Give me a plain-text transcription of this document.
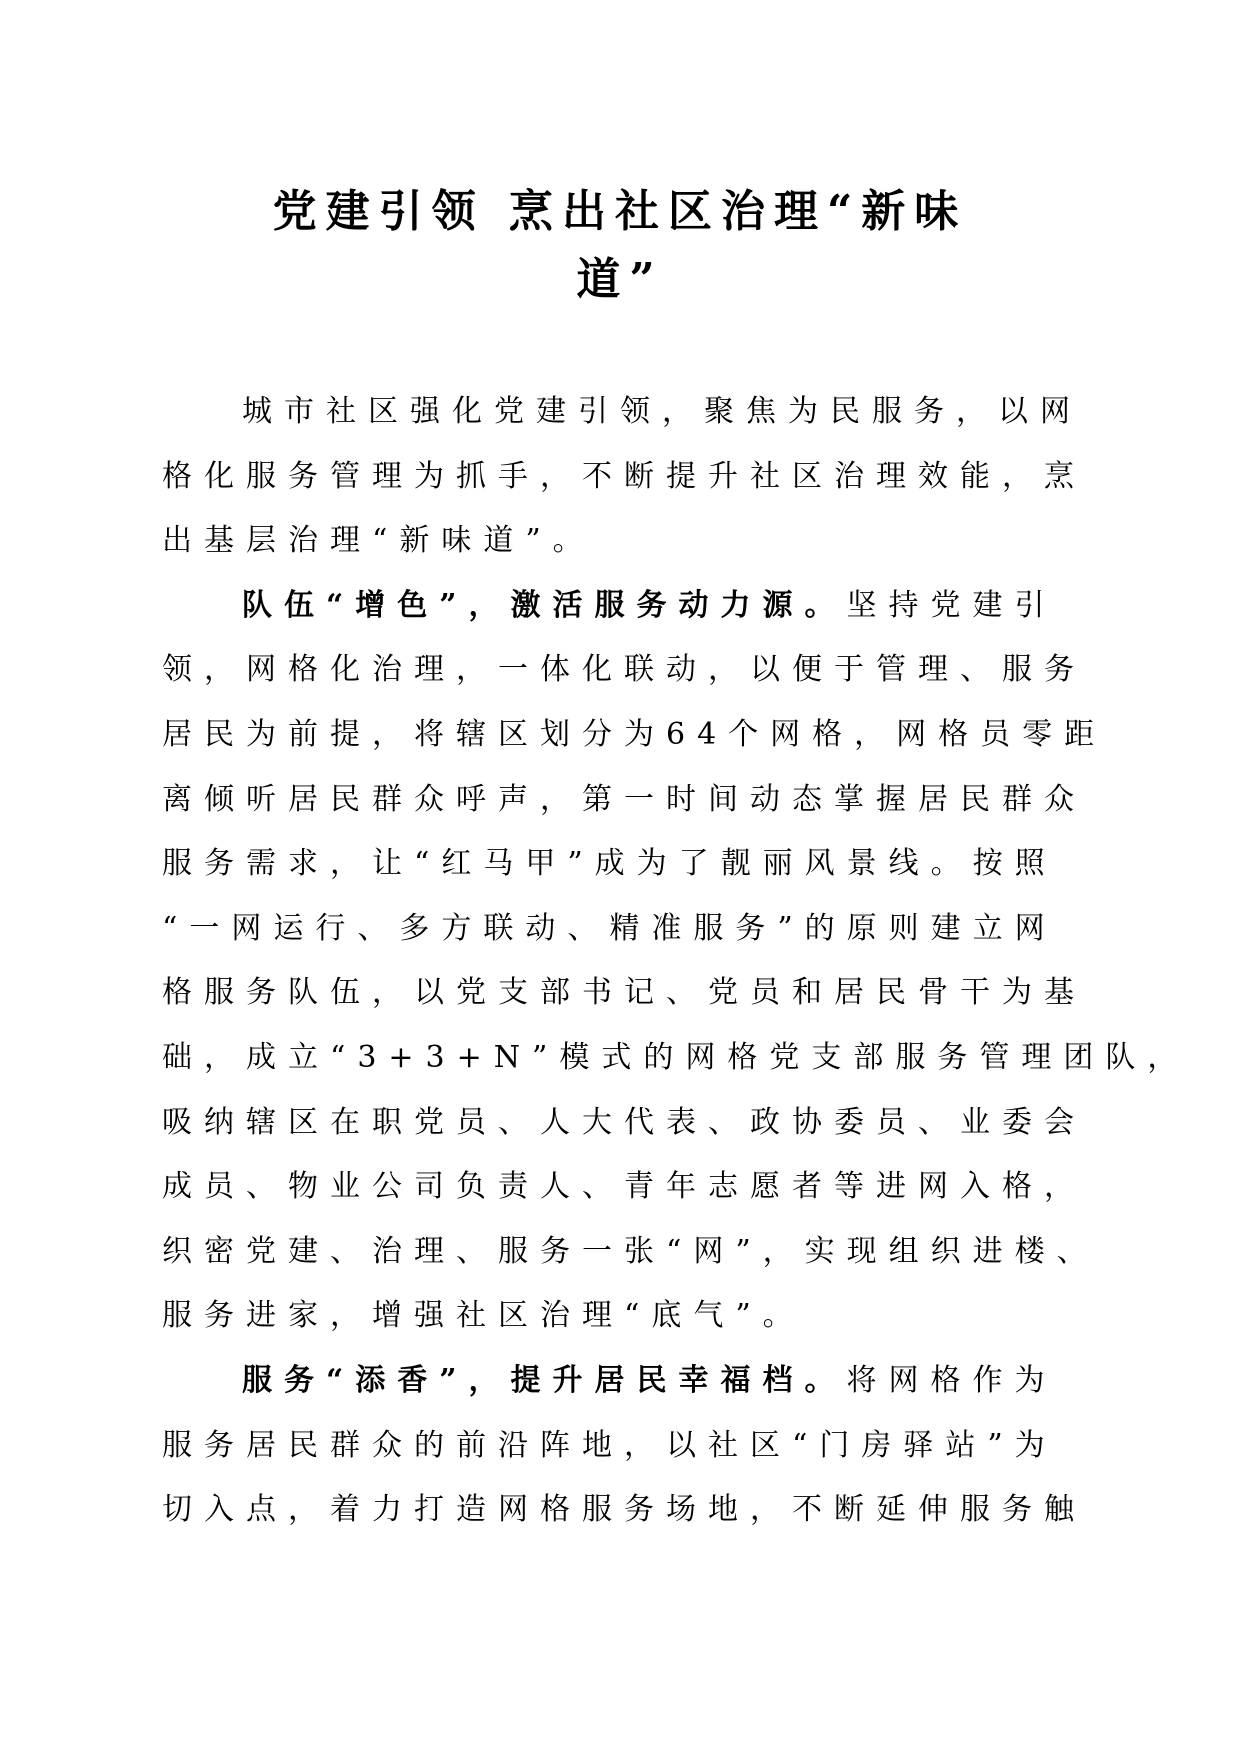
党建引领 烹出社区治理“新味
道”
城市社区强化党建引领，聚焦为民服务，以网
格化服务管理为抓手，不断提升社区治理效能，烹
出基层治理“新味道”。
队伍“增色”，激活服务动力源。坚持党建引
领，网格化治理，一体化联动，以便于管理、服务
居民为前提，将辖区划分为64个网格，网格员零距
离倾听居民群众呼声，第一时间动态掌握居民群众
服务需求，让“红马甲”成为了靓丽风景线。按照
“一网运行、多方联动、精准服务”的原则建立网
格服务队伍，以党支部书记、党员和居民骨干为基
础，成立“3+3+N”模式的网格党支部服务管理团队，
吸纳辖区在职党员、人大代表、政协委员、业委会
成员、物业公司负责人、青年志愿者等进网入格，
织密党建、治理、服务一张“网”，实现组织进楼、
服务进家，增强社区治理“底气”。
服务“添香”，提升居民幸福档。将网格作为
服务居民群众的前沿阵地，以社区“门房驿站”为
切入点，着力打造网格服务场地，不断延伸服务触
